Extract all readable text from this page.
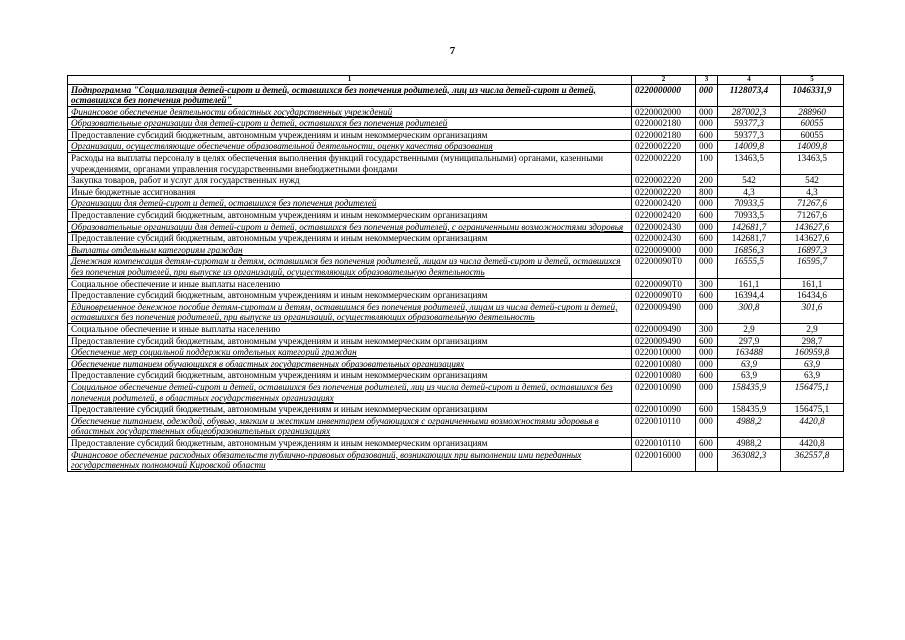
7
1	2	3	4	5
Подпрограмма "Социализация детей-сирот и детей, оставшихся без попечения родителей, лиц из числа детей-сирот и детей, оставшихся без попечения родителей"	0220000000	000	1128073,4	1046331,9
Финансовое обеспечение деятельности областных государственных учреждений	0220002000	000	287002,3	288960
Образовательные организации для детей-сирот и детей, оставшихся без попечения родителей	0220002180	000	59377,3	60055
Предоставление субсидий бюджетным, автономным учреждениям и иным некоммерческим организациям	0220002180	600	59377,3	60055
Организации, осуществляющие обеспечение образовательной деятельности, оценку качества образования	0220002220	000	14009,8	14009,8
Расходы на выплаты персоналу в целях обеспечения выполнения функций государственными (муниципальными) органами, казенными учреждениями, органами управления государственными внебюджетными фондами	0220002220	100	13463,5	13463,5
Закупка товаров, работ и услуг для государственных нужд	0220002220	200	542	542
Иные бюджетные ассигнования	0220002220	800	4,3	4,3
Организации для детей-сирот и детей, оставшихся без попечения родителей	0220002420	000	70933,5	71267,6
Предоставление субсидий бюджетным, автономным учреждениям и иным некоммерческим организациям	0220002420	600	70933,5	71267,6
Образовательные организации для детей-сирот и детей, оставшихся без попечения родителей, с ограниченными возможностями здоровья	0220002430	000	142681,7	143627,6
Предоставление субсидий бюджетным, автономным учреждениям и иным некоммерческим организациям	0220002430	600	142681,7	143627,6
Выплаты отдельным категориям граждан	0220009000	000	16856,3	16897,3
Денежная компенсация детям-сиротам и детям, оставшимся без попечения родителей, лицам из числа детей-сирот и детей, оставшихся без попечения родителей, при выпуске из организаций, осуществляющих образовательную деятельность	02200090Т0	000	16555,5	16595,7
Социальное обеспечение и иные выплаты населению	02200090Т0	300	161,1	161,1
Предоставление субсидий бюджетным, автономным учреждениям и иным некоммерческим организациям	02200090Т0	600	16394,4	16434,6
Единовременное денежное пособие детям-сиротам и детям, оставшимся без попечения родителей, лицам из числа детей-сирот и детей, оставшихся без попечения родителей, при выпуске из организаций, осуществляющих образовательную деятельность	0220009490	000	300,8	301,6
Социальное обеспечение и иные выплаты населению	0220009490	300	2,9	2,9
Предоставление субсидий бюджетным, автономным учреждениям и иным некоммерческим организациям	0220009490	600	297,9	298,7
Обеспечение мер социальной поддержки отдельных категорий граждан	0220010000	000	163488	160959,8
Обеспечение питанием обучающихся в областных государственных образовательных организациях	0220010080	000	63,9	63,9
Предоставление субсидий бюджетным, автономным учреждениям и иным некоммерческим организациям	0220010080	600	63,9	63,9
Социальное обеспечение детей-сирот и детей, оставшихся без попечения родителей, лиц из числа детей-сирот и детей, оставшихся без попечения родителей, в областных государственных организациях	0220010090	000	158435,9	156475,1
Предоставление субсидий бюджетным, автономным учреждениям и иным некоммерческим организациям	0220010090	600	158435,9	156475,1
Обеспечение питанием, одеждой, обувью, мягким и жестким инвентарем обучающихся с ограниченными возможностями здоровья в областных государственных общеобразовательных организациях	0220010110	000	4988,2	4420,8
Предоставление субсидий бюджетным, автономным учреждениям и иным некоммерческим организациям	0220010110	600	4988,2	4420,8
Финансовое обеспечение расходных обязательств публично-правовых образований, возникающих при выполнении ими переданных государственных полномочий Кировской области	0220016000	000	363082,3	362557,8
